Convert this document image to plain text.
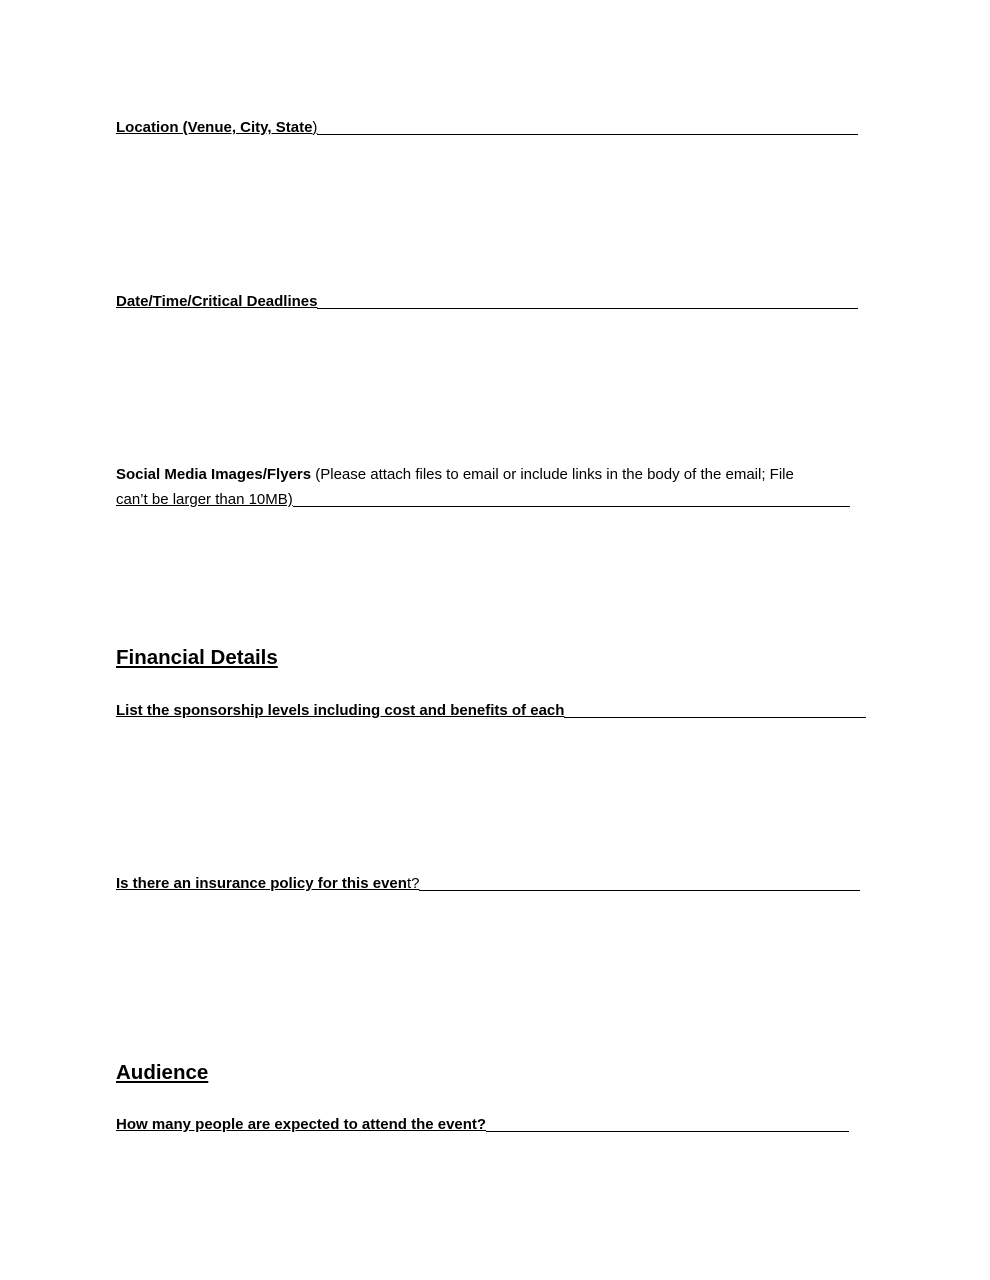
Location (Venue, City, State)
Date/Time/Critical Deadlines
Social Media Images/Flyers (Please attach files to email or include links in the body of the email; File
can’t be larger than 10MB)
Financial Details
List the sponsorship levels including cost and benefits of each
Is there an insurance policy for this event?
Audience
How many people are expected to attend the event?
